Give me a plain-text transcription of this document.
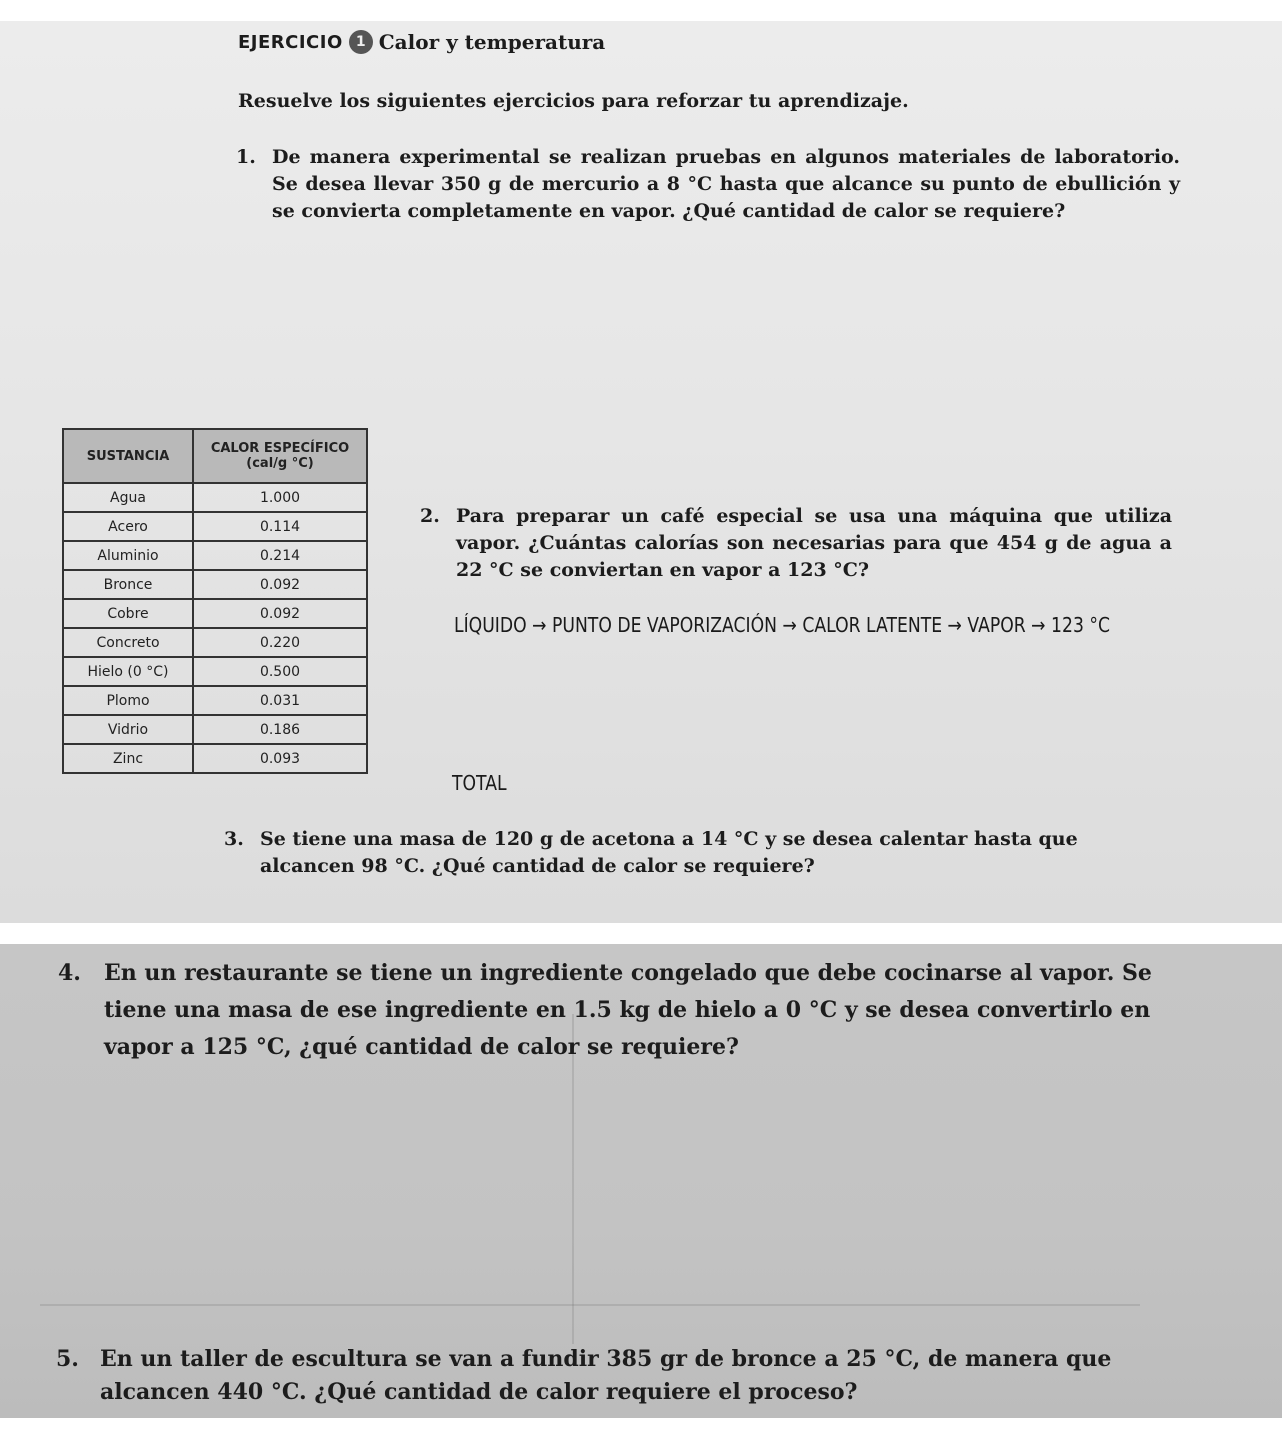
EJERCICIO 1 Calor y temperatura
Resuelve los siguientes ejercicios para reforzar tu aprendizaje.
1. De manera experimental se realizan pruebas en algunos materiales de laboratorio. Se desea llevar 350 g de mercurio a 8 °C hasta que alcance su punto de ebullición y se convierta completamente en vapor. ¿Qué cantidad de calor se requiere?
SUSTANCIA	CALOR ESPECÍFICO (cal/g °C)
Agua	1.000
Acero	0.114
Aluminio	0.214
Bronce	0.092
Cobre	0.092
Concreto	0.220
Hielo (0 °C)	0.500
Plomo	0.031
Vidrio	0.186
Zinc	0.093
2. Para preparar un café especial se usa una máquina que utiliza vapor. ¿Cuántas calorías son necesarias para que 454 g de agua a 22 °C se conviertan en vapor a 123 °C?
LÍQUIDO → PUNTO DE VAPORIZACIÓN → CALOR LATENTE → VAPOR → 123 °C
TOTAL
3. Se tiene una masa de 120 g de acetona a 14 °C y se desea calentar hasta que alcancen 98 °C. ¿Qué cantidad de calor se requiere?
4.	En un restaurante se tiene un ingrediente congelado que debe cocinarse al vapor. Se tiene una masa de ese ingrediente en 1.5 kg de hielo a 0 °C y se desea convertirlo en vapor a 125 °C, ¿qué cantidad de calor se requiere?
5. En un taller de escultura se van a fundir 385 gr de bronce a 25 °C, de manera que alcancen 440 °C. ¿Qué cantidad de calor requiere el proceso?
